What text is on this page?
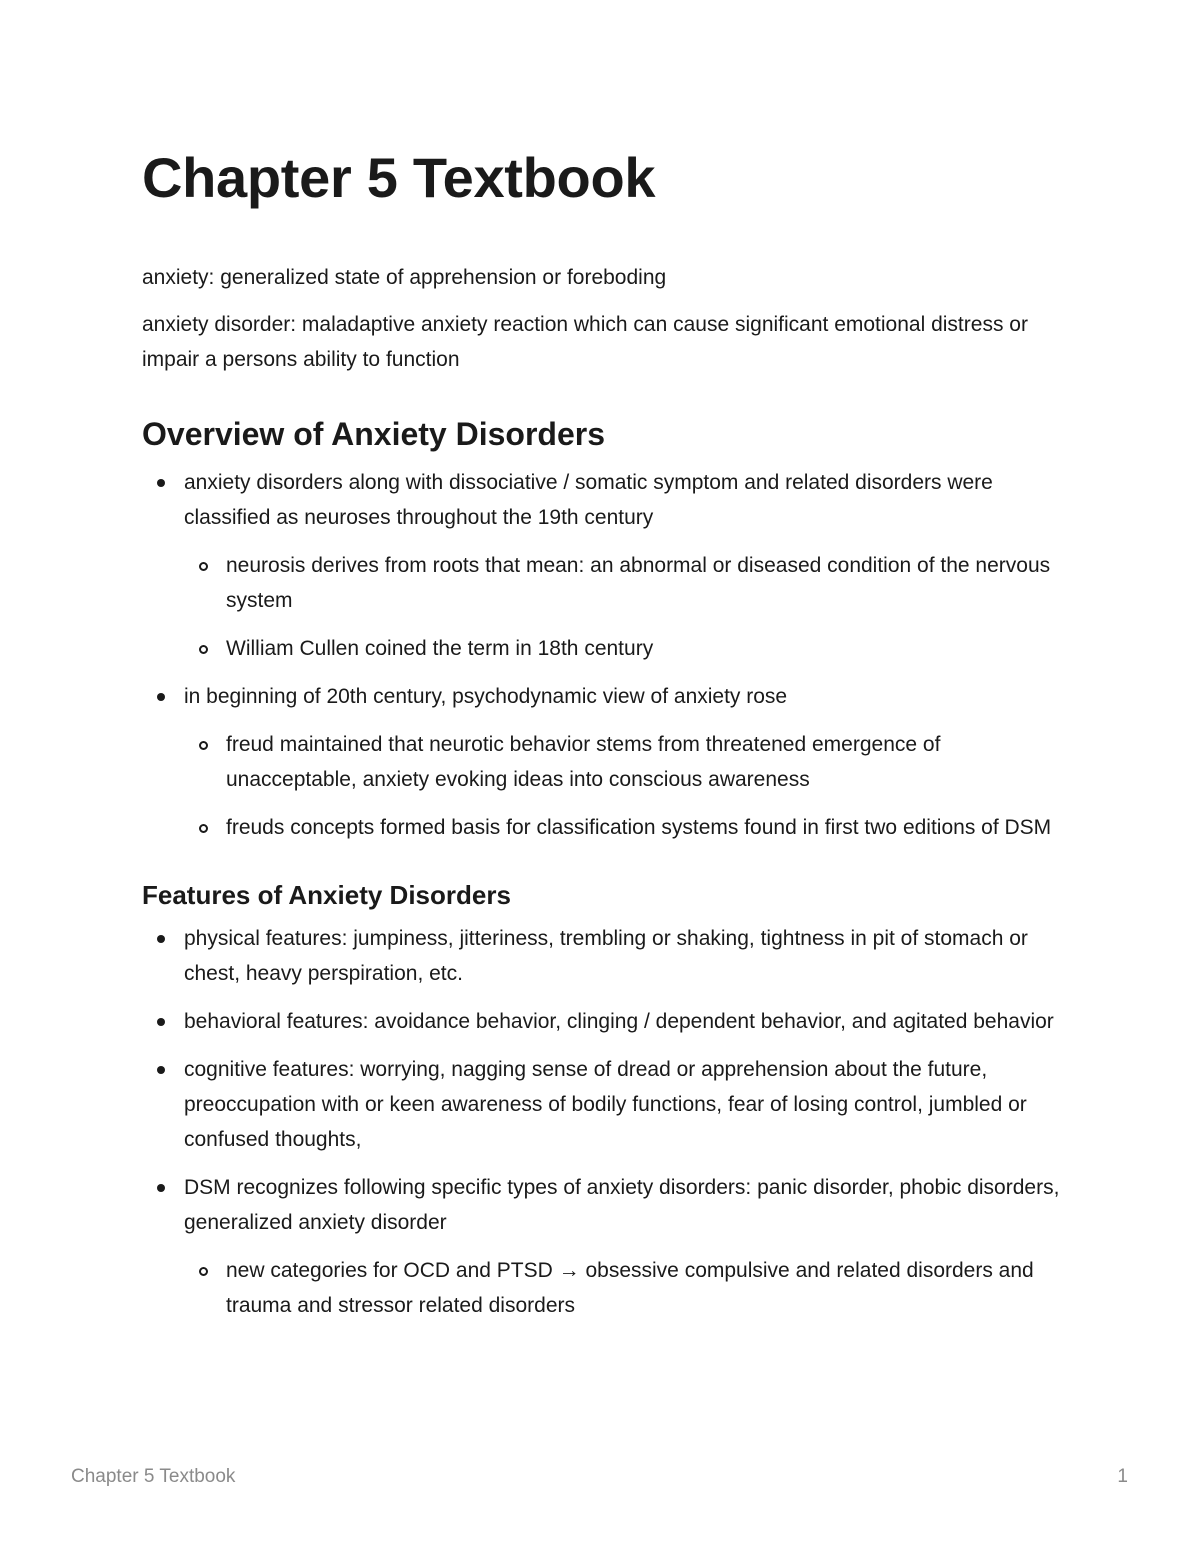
Chapter 5 Textbook

anxiety: generalized state of apprehension or foreboding

anxiety disorder: maladaptive anxiety reaction which can cause significant emotional distress or impair a persons ability to function

Overview of Anxiety Disorders
anxiety disorders along with dissociative / somatic symptom and related disorders were classified as neuroses throughout the 19th century
neurosis derives from roots that mean: an abnormal or diseased condition of the nervous system
William Cullen coined the term in 18th century
in beginning of 20th century, psychodynamic view of anxiety rose
freud maintained that neurotic behavior stems from threatened emergence of unacceptable, anxiety evoking ideas into conscious awareness
freuds concepts formed basis for classification systems found in first two editions of DSM
Features of Anxiety Disorders
physical features: jumpiness, jitteriness, trembling or shaking, tightness in pit of stomach or chest, heavy perspiration, etc.
behavioral features: avoidance behavior, clinging / dependent behavior, and agitated behavior
cognitive features: worrying, nagging sense of dread or apprehension about the future, preoccupation with or keen awareness of bodily functions, fear of losing control, jumbled or confused thoughts,
DSM recognizes following specific types of anxiety disorders: panic disorder, phobic disorders, generalized anxiety disorder
new categories for OCD and PTSD → obsessive compulsive and related disorders and trauma and stressor related disorders
Chapter 5 Textbook	1
